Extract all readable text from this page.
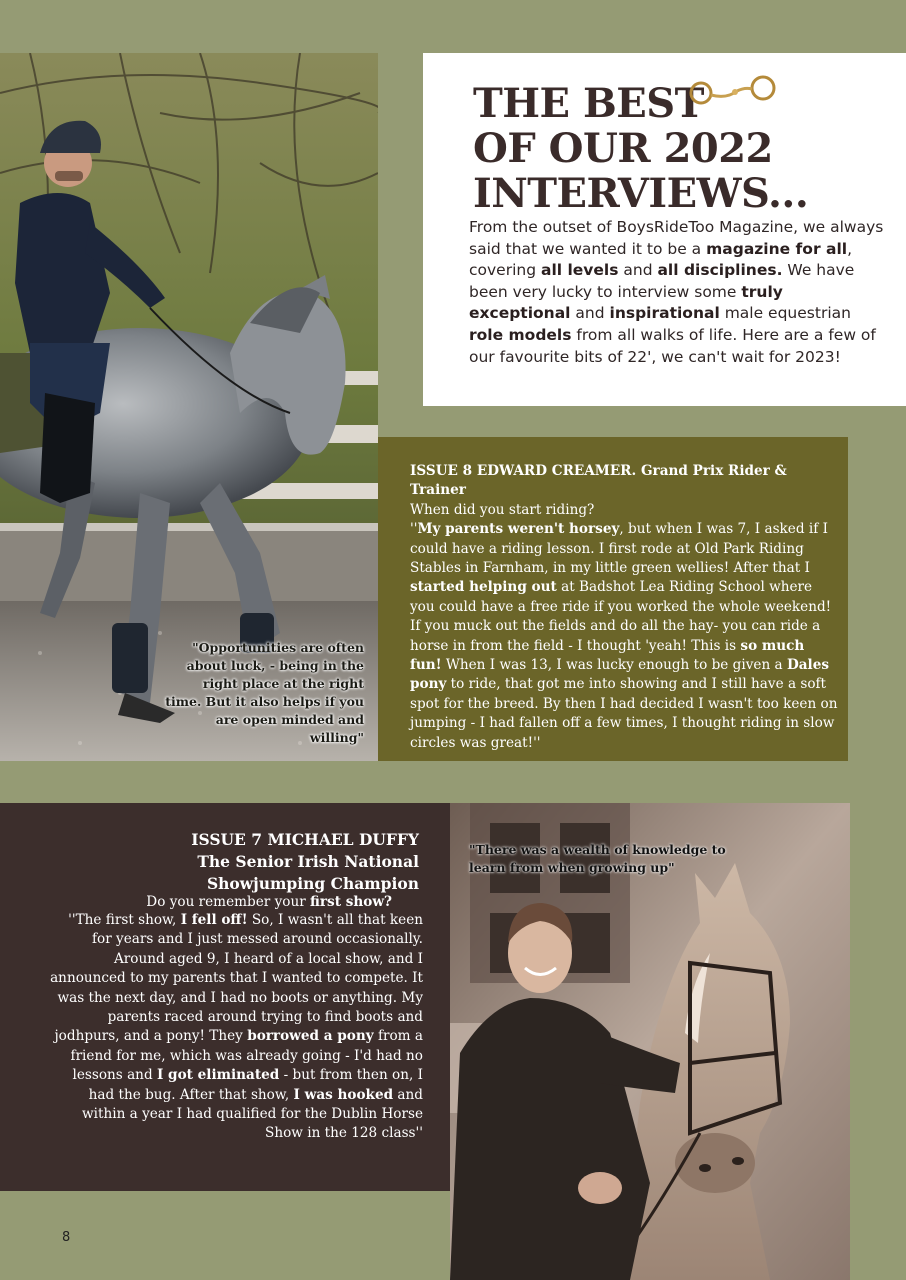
"Opportunities are often about luck, - being in the right place at the right time. But it also helps if you are open minded and willing"
THE BEST
OF OUR 2022
INTERVIEWS...
From the outset of BoysRideToo Magazine, we always said that we wanted it to be a magazine for all, covering all levels and all disciplines. We have been very lucky to interview some truly exceptional and inspirational male equestrian role models from all walks of life. Here are a few of our favourite bits of 22', we can't wait for 2023!
ISSUE 8 EDWARD CREAMER. Grand Prix Rider & Trainer
When did you start riding?
''My parents weren't horsey, but when I was 7, I asked if I could have a riding lesson. I first rode at Old Park Riding Stables in Farnham, in my little green wellies! After that I started helping out at Badshot Lea Riding School where you could have a free ride if you worked the whole weekend! If you muck out the fields and do all the hay- you can ride a horse in from the field - I thought 'yeah! This is so much fun! When I was 13, I was lucky enough to be given a Dales pony to ride, that got me into showing and I still have a soft spot for the breed. By then I had decided I wasn't too keen on jumping - I had fallen off a few times, I thought riding in slow circles was great!''
ISSUE 7 MICHAEL DUFFY
The Senior Irish National
Showjumping Champion
Do you remember your first show?
''The first show, I fell off! So, I wasn't all that keen for years and I just messed around occasionally. Around aged 9, I heard of a local show, and I announced to my parents that I wanted to compete. It was the next day, and I had no boots or anything. My parents raced around trying to find boots and jodhpurs, and a pony! They borrowed a pony from a friend for me, which was already going - I'd had no lessons and I got eliminated - but from then on, I had the bug. After that show, I was hooked and within a year I had qualified for the Dublin Horse Show in the 128 class''
"There was a wealth of knowledge to learn from when growing up"
8
